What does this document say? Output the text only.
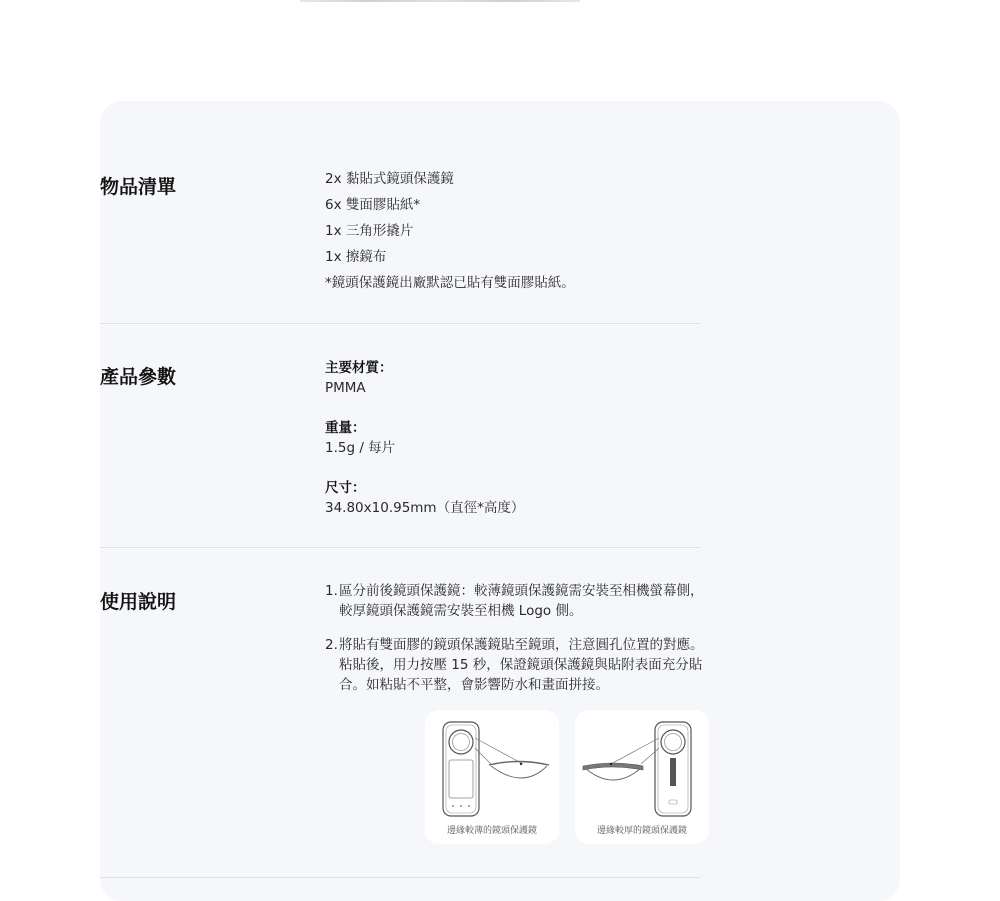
物品清單	2x 黏貼式鏡頭保護鏡
6x 雙面膠貼紙*
1x 三角形撬片
1x 擦鏡布
*鏡頭保護鏡出廠默認已貼有雙面膠貼紙。
產品參數	主要材質：
PMMA
重量：
1.5g / 每片
尺寸：
34.80x10.95mm（直徑*高度）
使用說明	1. 區分前後鏡頭保護鏡：較薄鏡頭保護鏡需安裝至相機螢幕側，
較厚鏡頭保護鏡需安裝至相機 Logo 側。
2. 將貼有雙面膠的鏡頭保護鏡貼至鏡頭，注意圓孔位置的對應。
粘貼後，用力按壓 15 秒，保證鏡頭保護鏡與貼附表面充分貼
合。如粘貼不平整，會影響防水和畫面拼接。
邊緣較薄的鏡頭保護鏡	邊緣較厚的鏡頭保護鏡
